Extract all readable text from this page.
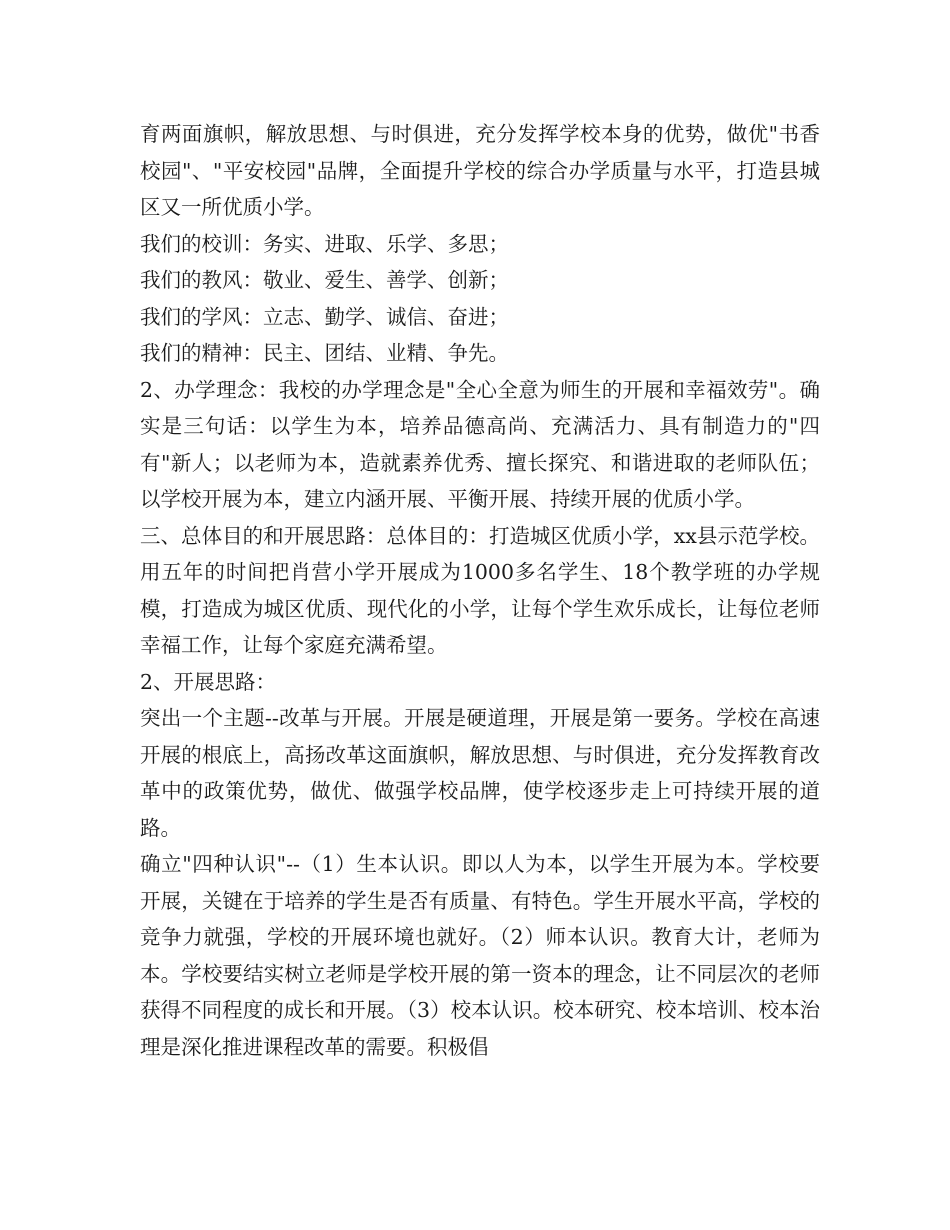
育两面旗帜，解放思想、与时俱进，充分发挥学校本身的优势，做优"书香校园"、"平安校园"品牌，全面提升学校的综合办学质量与水平，打造县城区又一所优质小学。

我们的校训：务实、进取、乐学、多思；

我们的教风：敬业、爱生、善学、创新；

我们的学风：立志、勤学、诚信、奋进；

我们的精神：民主、团结、业精、争先。

2、办学理念：我校的办学理念是"全心全意为师生的开展和幸福效劳"。确实是三句话：以学生为本，培养品德高尚、充满活力、具有制造力的"四有"新人；以老师为本，造就素养优秀、擅长探究、和谐进取的老师队伍；以学校开展为本，建立内涵开展、平衡开展、持续开展的优质小学。

三、总体目的和开展思路：总体目的：打造城区优质小学，xx县示范学校。用五年的时间把肖营小学开展成为1000多名学生、18个教学班的办学规模，打造成为城区优质、现代化的小学，让每个学生欢乐成长，让每位老师幸福工作，让每个家庭充满希望。

2、开展思路：

突出一个主题--改革与开展。开展是硬道理，开展是第一要务。学校在高速开展的根底上，高扬改革这面旗帜，解放思想、与时俱进，充分发挥教育改革中的政策优势，做优、做强学校品牌，使学校逐步走上可持续开展的道路。

确立"四种认识"--（1）生本认识。即以人为本，以学生开展为本。学校要开展，关键在于培养的学生是否有质量、有特色。学生开展水平高，学校的竞争力就强，学校的开展环境也就好。（2）师本认识。教育大计，老师为本。学校要结实树立老师是学校开展的第一资本的理念，让不同层次的老师获得不同程度的成长和开展。（3）校本认识。校本研究、校本培训、校本治理是深化推进课程改革的需要。积极倡
